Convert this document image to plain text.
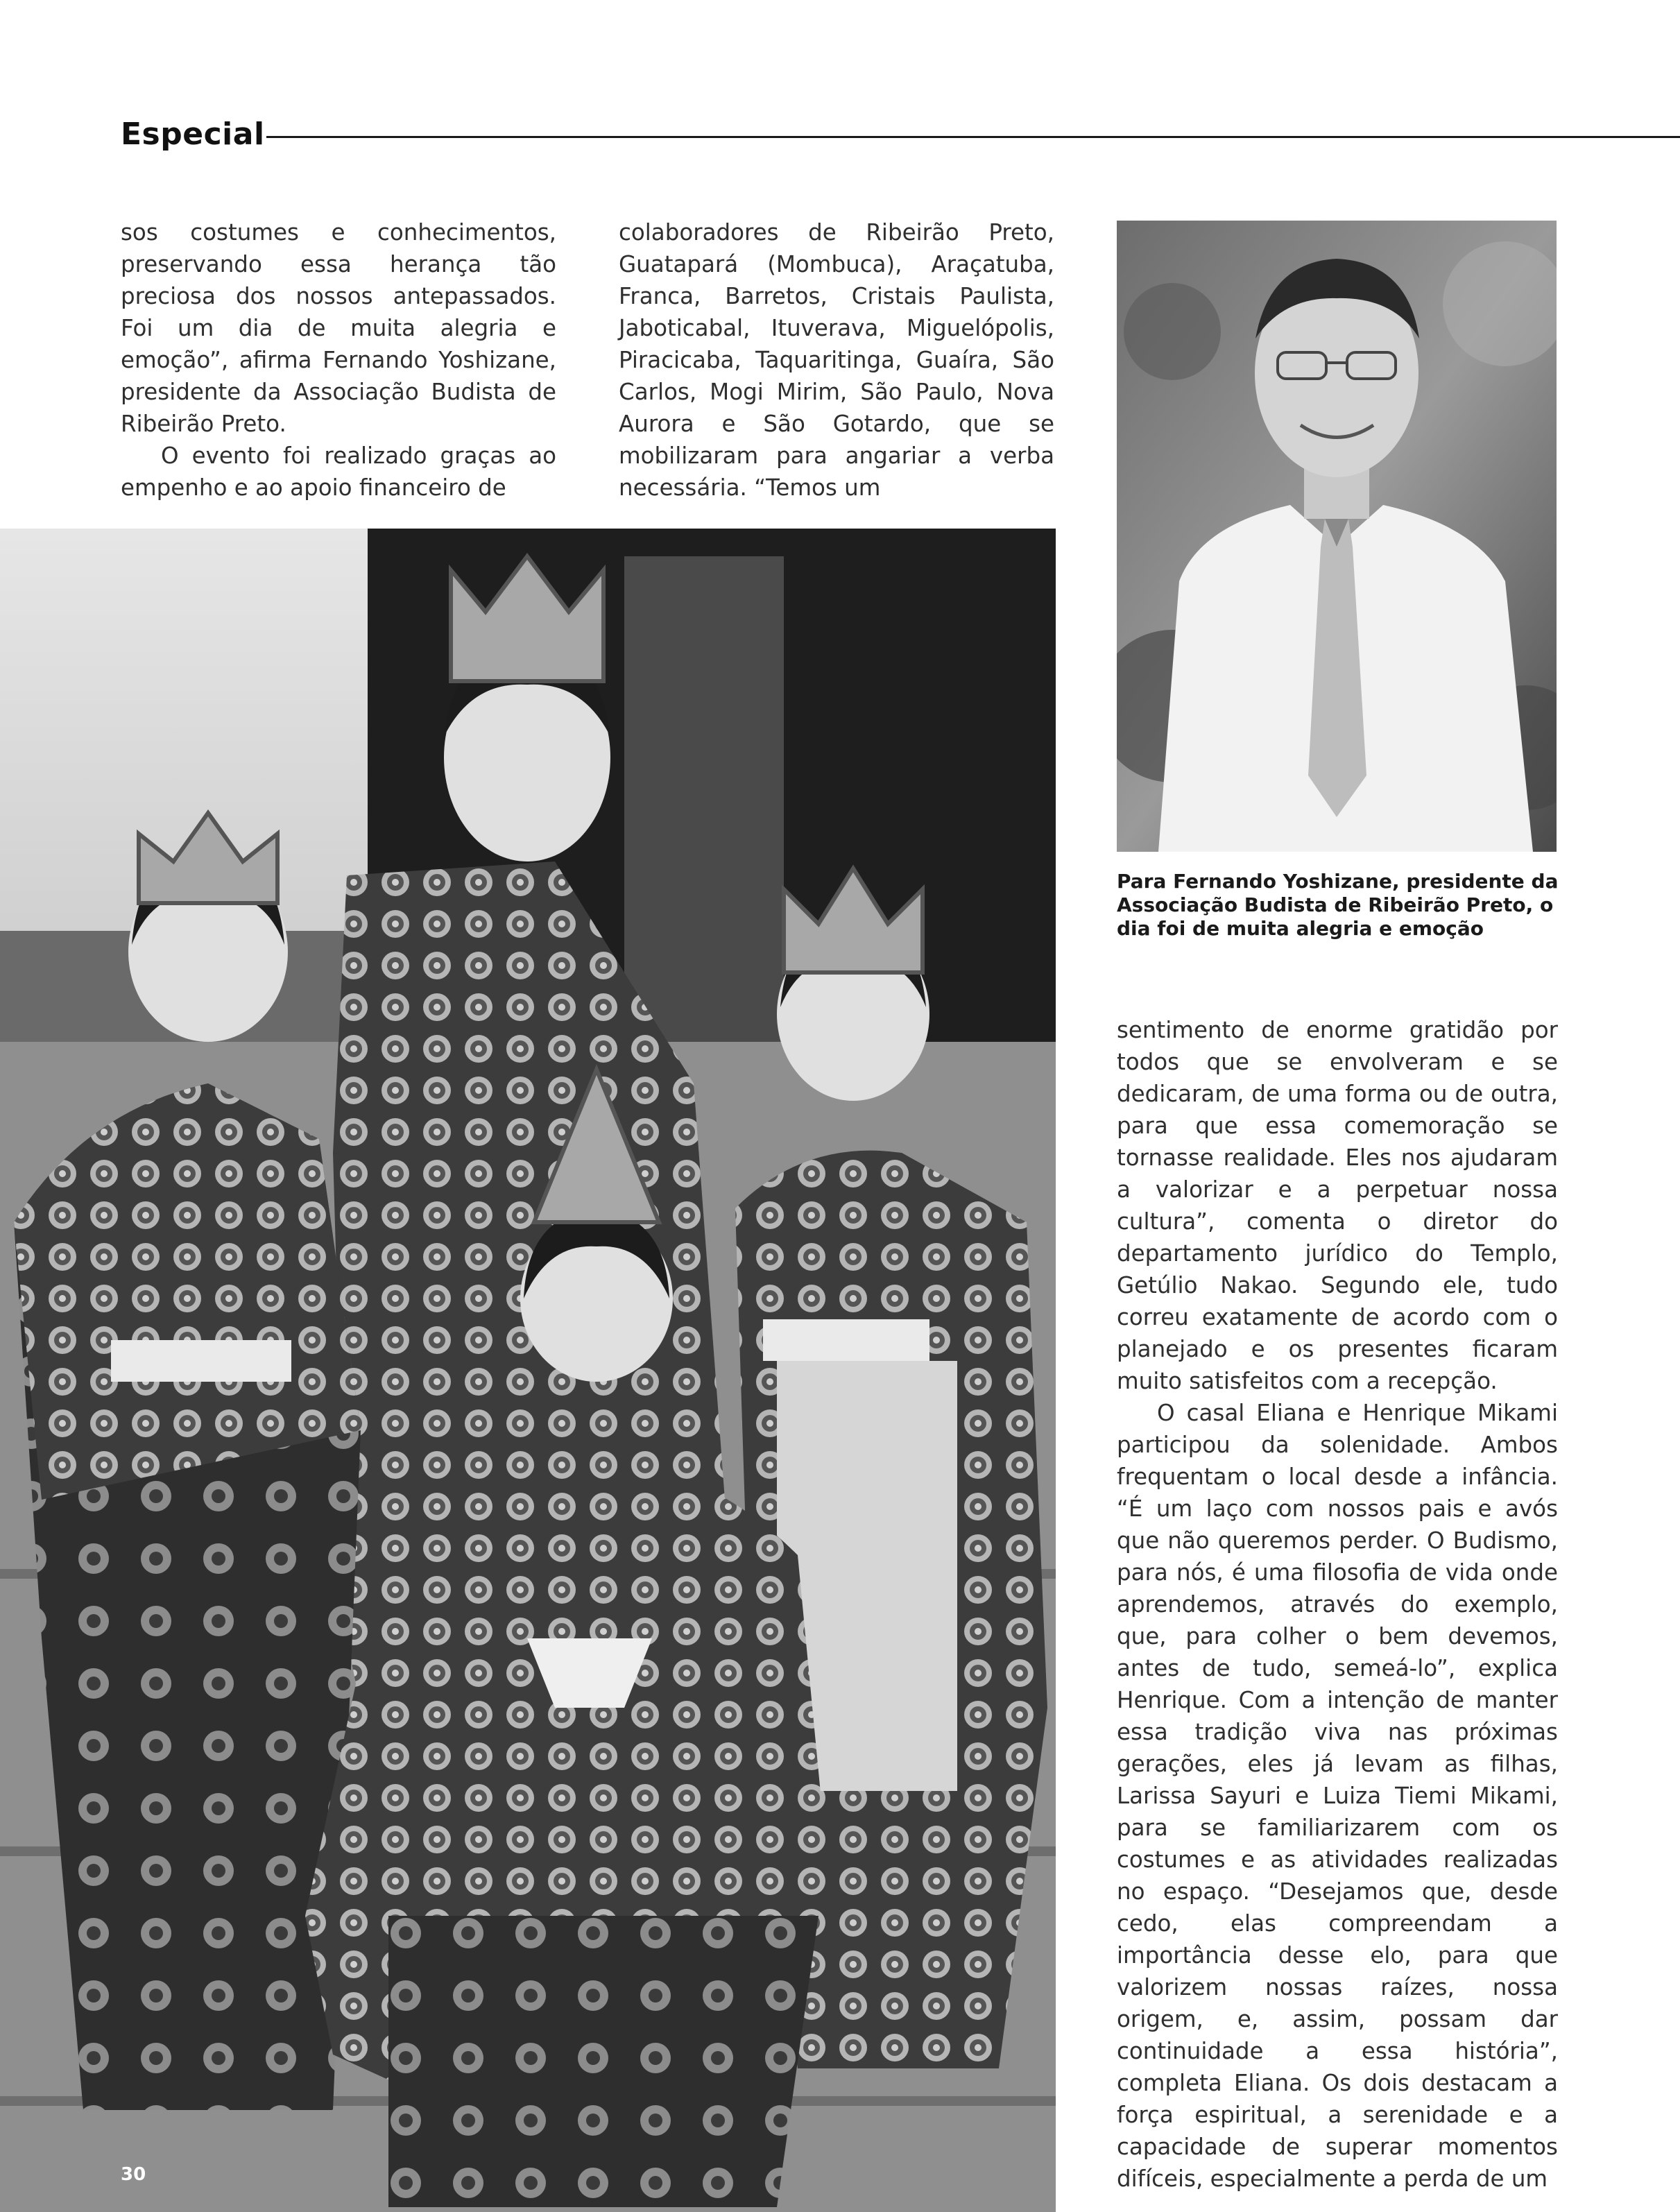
Especial

sos costumes e conhecimentos, preservando essa herança tão preciosa dos nossos antepassados. Foi um dia de muita alegria e emoção”, afirma Fernando Yoshizane, presidente da Associação Budista de Ribeirão Preto.

O evento foi realizado graças ao empenho e ao apoio financeiro de

colaboradores de Ribeirão Preto, Guatapará (Mombuca), Araçatuba, Franca, Barretos, Cristais Paulista, Jaboticabal, Ituverava, Miguelópolis, Piracicaba, Taquaritinga, Guaíra, São Carlos, Mogi Mirim, São Paulo, Nova Aurora e São Gotardo, que se mobilizaram para angariar a verba necessária. “Temos um

Para Fernando Yoshizane, presidente da Associação Budista de Ribeirão Preto, o dia foi de muita alegria e emoção

sentimento de enorme gratidão por todos que se envolveram e se dedicaram, de uma forma ou de outra, para que essa comemoração se tornasse realidade. Eles nos ajudaram a valorizar e a perpetuar nossa cultura”, comenta o diretor do departamento jurídico do Templo, Getúlio Nakao. Segundo ele, tudo correu exatamente de acordo com o planejado e os presentes ficaram muito satisfeitos com a recepção.

O casal Eliana e Henrique Mikami participou da solenidade. Ambos frequentam o local desde a infância. “É um laço com nossos pais e avós que não queremos perder. O Budismo, para nós, é uma filosofia de vida onde aprendemos, através do exemplo, que, para colher o bem devemos, antes de tudo, semeá-lo”, explica Henrique. Com a intenção de manter essa tradição viva nas próximas gerações, eles já levam as filhas, Larissa Sayuri e Luiza Tiemi Mikami, para se familiarizarem com os costumes e as atividades realizadas no espaço. “Desejamos que, desde cedo, elas compreendam a importância desse elo, para que valorizem nossas raízes, nossa origem, e, assim, possam dar continuidade a essa história”, completa Eliana. Os dois destacam a força espiritual, a serenidade e a capacidade de superar momentos difíceis, especialmente a perda de um

30
